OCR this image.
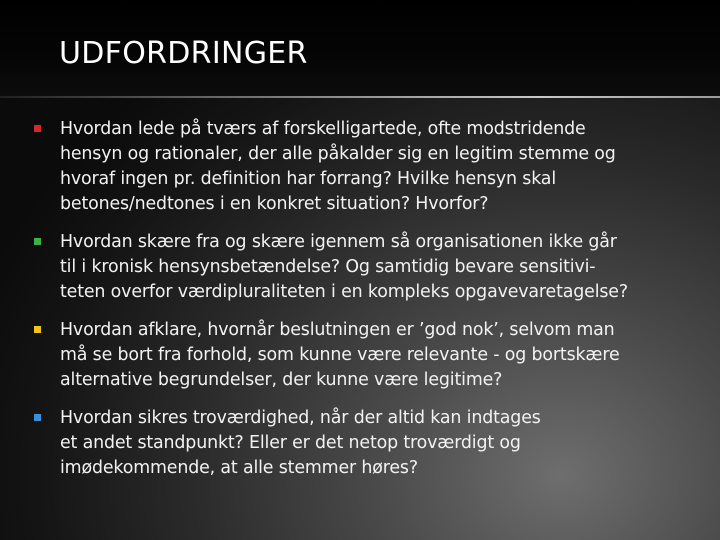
UDFORDRINGER
Hvordan lede på tværs af forskelligartede, ofte modstridende
hensyn og rationaler, der alle påkalder sig en legitim stemme og
hvoraf ingen pr. definition har forrang? Hvilke hensyn skal
betones/nedtones i en konkret situation? Hvorfor?
Hvordan skære fra og skære igennem så organisationen ikke går
til i kronisk hensynsbetændelse? Og samtidig bevare sensitivi-
teten overfor værdipluraliteten i en kompleks opgavevaretagelse?
Hvordan afklare, hvornår beslutningen er ’god nok’, selvom man
må se bort fra forhold, som kunne være relevante - og bortskære
alternative begrundelser, der kunne være legitime?
Hvordan sikres troværdighed, når der altid kan indtages
et andet standpunkt? Eller er det netop troværdigt og
imødekommende, at alle stemmer høres?
